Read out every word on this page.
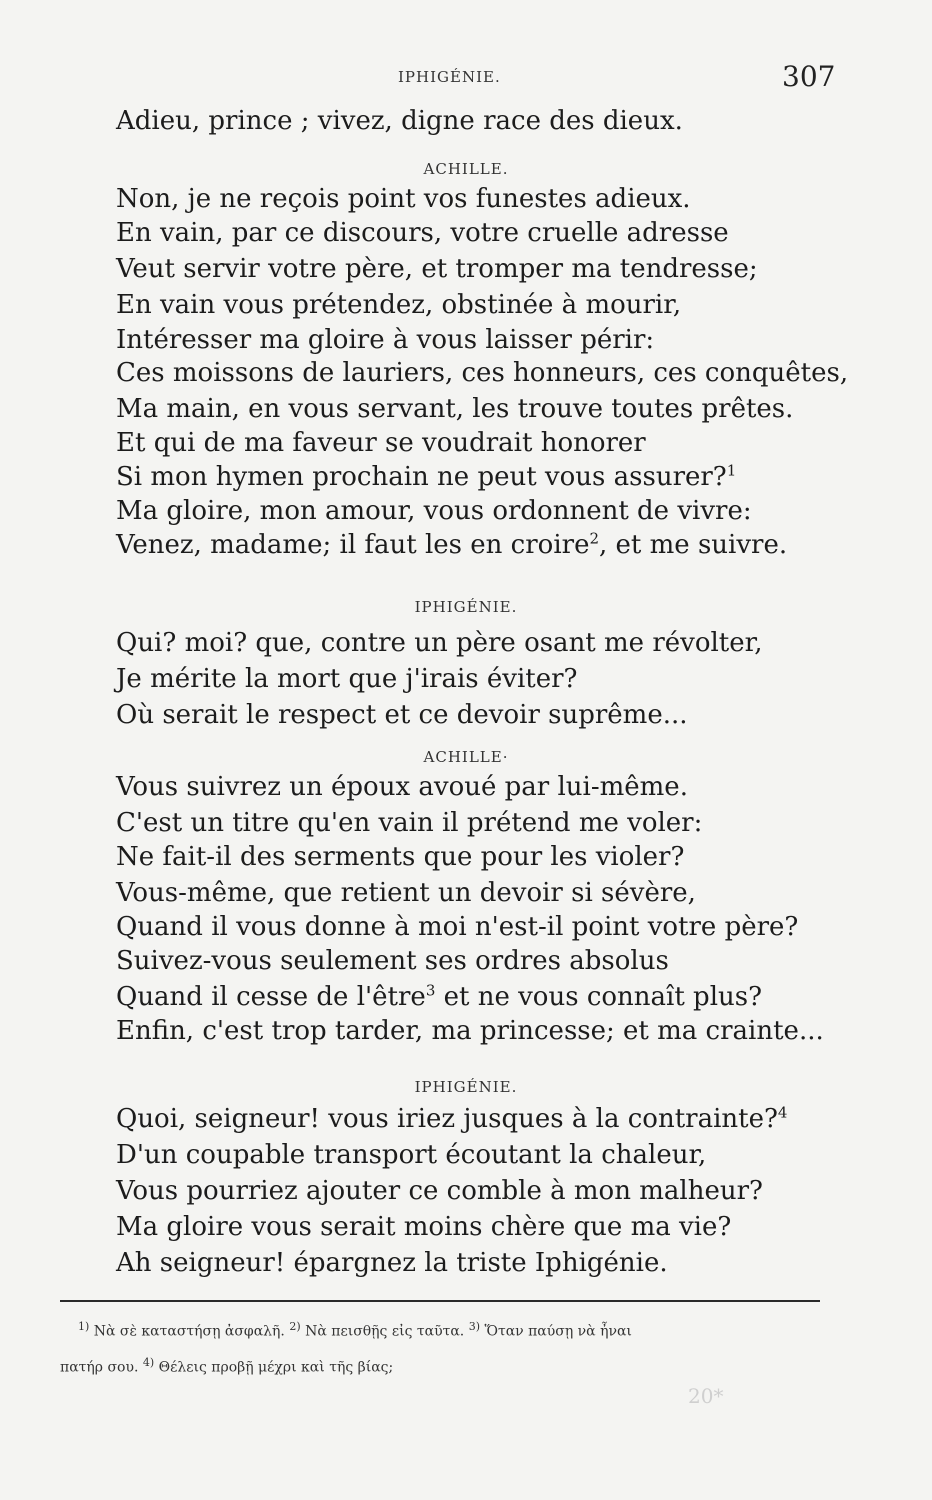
IPHIGÉNIE.	307
Adieu, prince ; vivez, digne race des dieux.
ACHILLE.
Non, je ne reçois point vos funestes adieux.
En vain, par ce discours, votre cruelle adresse
Veut servir votre père, et tromper ma tendresse;
En vain vous prétendez, obstinée à mourir,
Intéresser ma gloire à vous laisser périr:
Ces moissons de lauriers, ces honneurs, ces conquêtes,
Ma main, en vous servant, les trouve toutes prêtes.
Et qui de ma faveur se voudrait honorer
Si mon hymen prochain ne peut vous assurer?$^1$
Ma gloire, mon amour, vous ordonnent de vivre:
Venez, madame; il faut les en croire$^2$, et me suivre.
IPHIGÉNIE.
Qui? moi? que, contre un père osant me révolter,
Je mérite la mort que j'irais éviter?
Où serait le respect et ce devoir suprême...
ACHILLE·
Vous suivrez un époux avoué par lui-même.
C'est un titre qu'en vain il prétend me voler:
Ne fait-il des serments que pour les violer?
Vous-même, que retient un devoir si sévère,
Quand il vous donne à moi n'est-il point votre père?
Suivez-vous seulement ses ordres absolus
Quand il cesse de l'être$^3$ et ne vous connaît plus?
Enfin, c'est trop tarder, ma princesse; et ma crainte...
IPHIGÉNIE.
Quoi, seigneur! vous iriez jusques à la contrainte?$^4$
D'un coupable transport écoutant la chaleur,
Vous pourriez ajouter ce comble à mon malheur?
Ma gloire vous serait moins chère que ma vie?
Ah seigneur! épargnez la triste Iphigénie.
$^{1)}$ Νὰ σὲ καταστήσῃ ἀσφαλῆ. $^{2)}$ Νὰ πεισθῇς εἰς ταῦτα. $^{3)}$ Ὅταν παύσῃ νὰ ἦναι
πατήρ σου. $^{4)}$ Θέλεις προβῇ μέχρι καὶ τῆς βίας;
20*
